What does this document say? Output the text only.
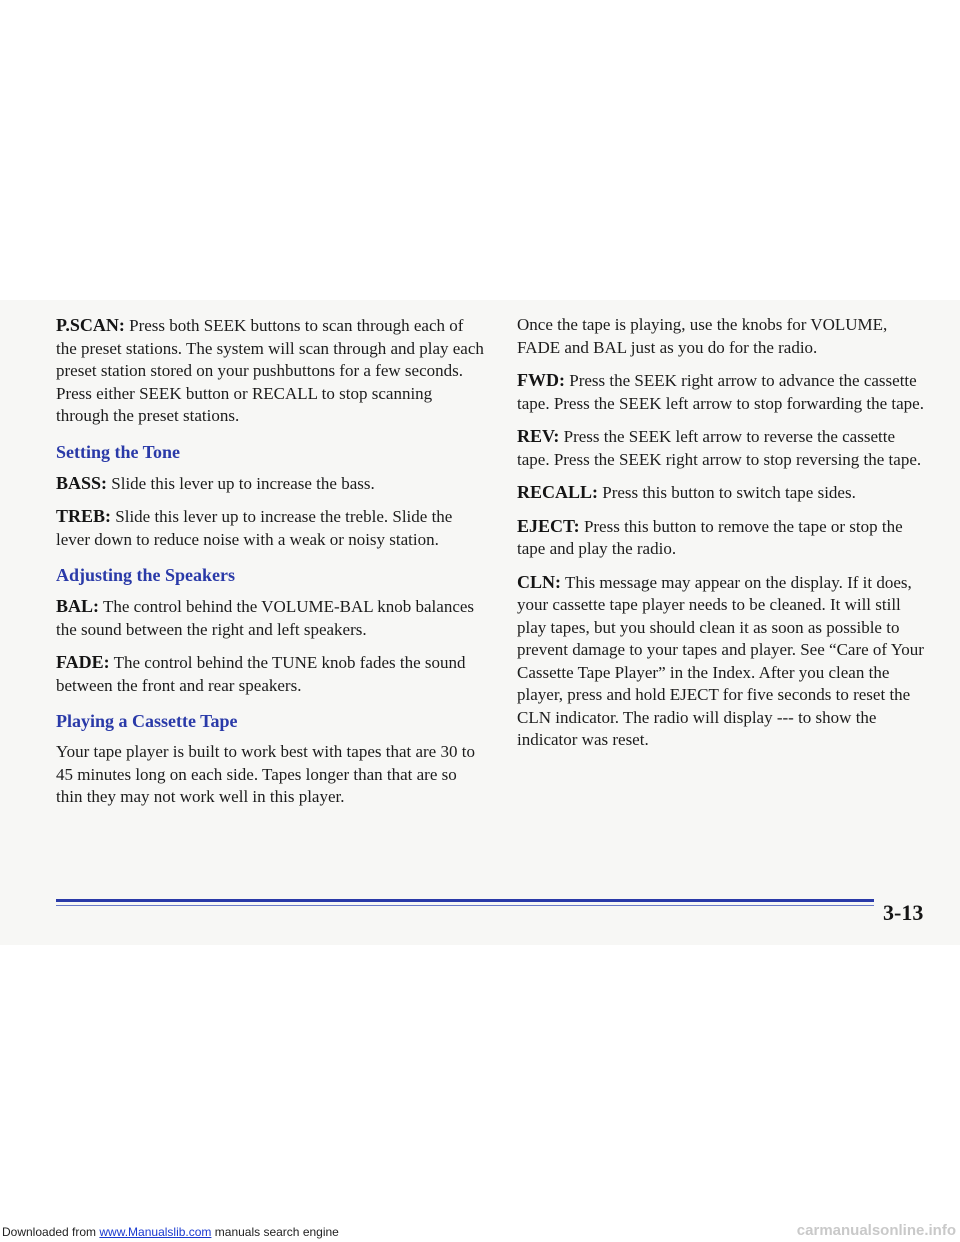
P.SCAN: Press both SEEK buttons to scan through each of the preset stations. The system will scan through and play each preset station stored on your pushbuttons for a few seconds. Press either SEEK button or RECALL to stop scanning through the preset stations.

Setting the Tone

BASS: Slide this lever up to increase the bass.

TREB: Slide this lever up to increase the treble. Slide the lever down to reduce noise with a weak or noisy station.

Adjusting the Speakers

BAL: The control behind the VOLUME-BAL knob balances the sound between the right and left speakers.

FADE: The control behind the TUNE knob fades the sound between the front and rear speakers.

Playing a Cassette Tape

Your tape player is built to work best with tapes that are 30 to 45 minutes long on each side. Tapes longer than that are so thin they may not work well in this player.

Once the tape is playing, use the knobs for VOLUME, FADE and BAL just as you do for the radio.

FWD: Press the SEEK right arrow to advance the cassette tape. Press the SEEK left arrow to stop forwarding the tape.

REV: Press the SEEK left arrow to reverse the cassette tape. Press the SEEK right arrow to stop reversing the tape.

RECALL: Press this button to switch tape sides.

EJECT: Press this button to remove the tape or stop the tape and play the radio.

CLN: This message may appear on the display. If it does, your cassette tape player needs to be cleaned. It will still play tapes, but you should clean it as soon as possible to prevent damage to your tapes and player. See “Care of Your Cassette Tape Player” in the Index. After you clean the player, press and hold EJECT for five seconds to reset the CLN indicator. The radio will display --- to show the indicator was reset.

3-13
Downloaded from www.Manualslib.com manuals search engine	carmanualsonline.info
